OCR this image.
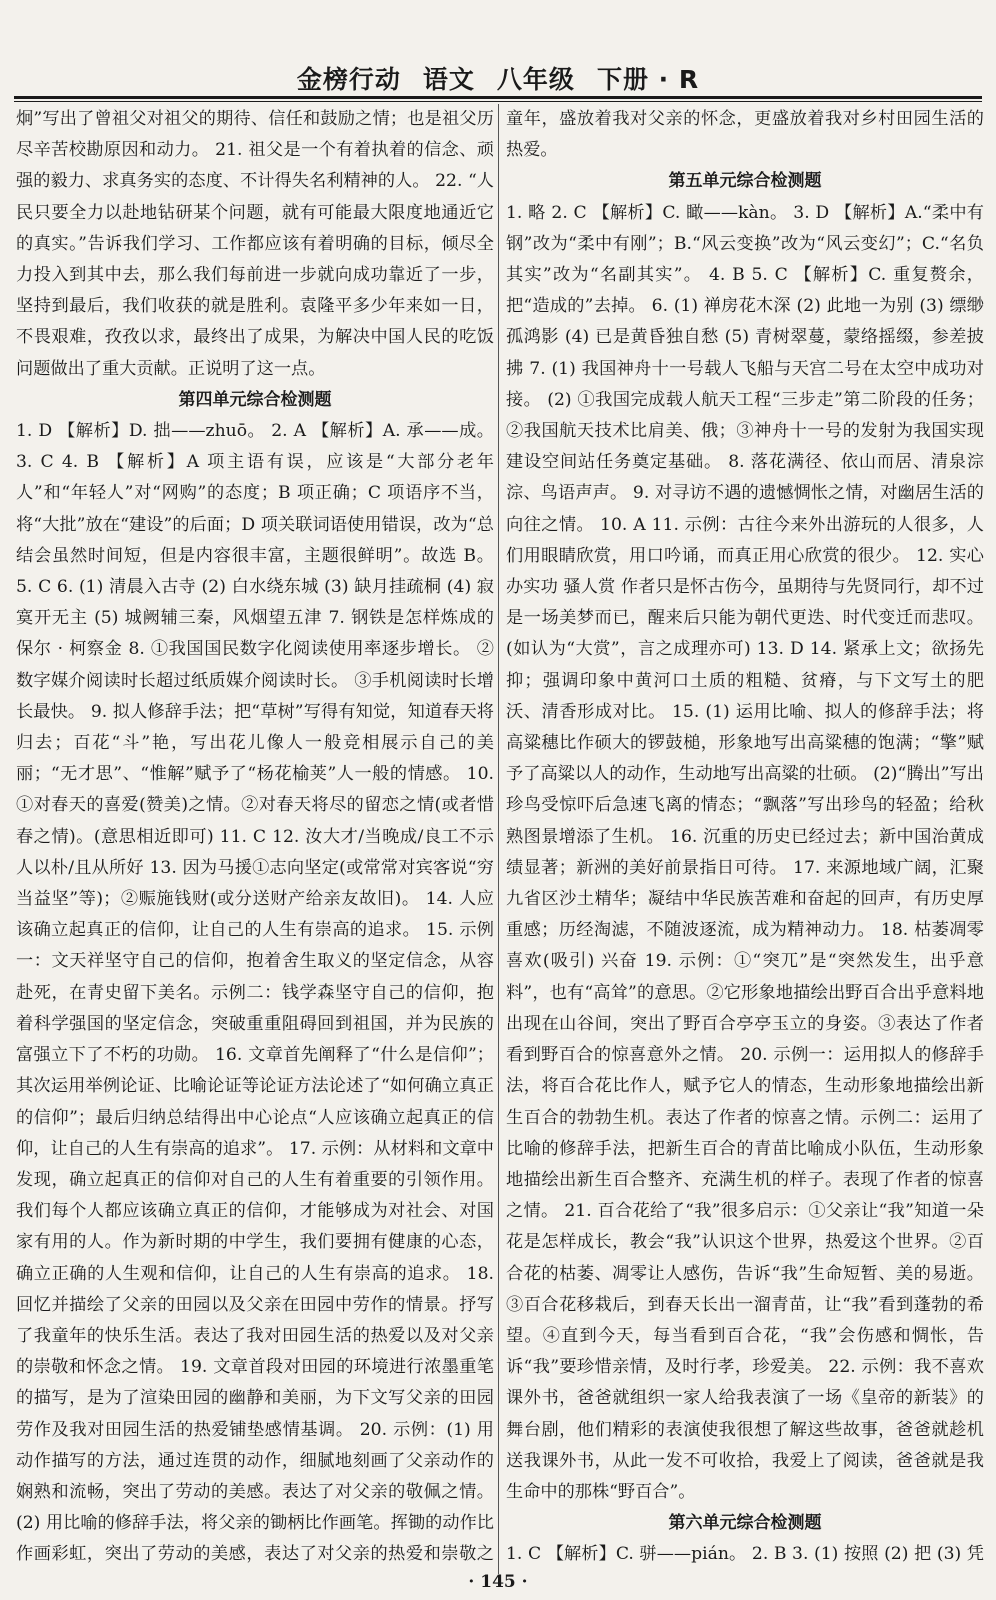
金榜行动 语文 八年级 下册 · R

炯”写出了曾祖父对祖父的期待、信任和鼓励之情；也是祖父历尽辛苦校勘原因和动力。 21. 祖父是一个有着执着的信念、顽强的毅力、求真务实的态度、不计得失名利精神的人。 22. “人民只要全力以赴地钻研某个问题，就有可能最大限度地通近它的真实。”告诉我们学习、工作都应该有着明确的目标，倾尽全力投入到其中去，那么我们每前进一步就向成功靠近了一步，坚持到最后，我们收获的就是胜利。袁隆平多少年来如一日，不畏艰难，孜孜以求，最终出了成果，为解决中国人民的吃饭问题做出了重大贡献。正说明了这一点。

第四单元综合检测题

1. D 【解析】D. 拙——zhuō。 2. A 【解析】A. 承——成。 3. C 4. B 【解析】A 项主语有误，应该是“大部分老年人”和“年轻人”对“网购”的态度；B 项正确；C 项语序不当，将“大批”放在“建设”的后面；D 项关联词语使用错误，改为“总结会虽然时间短，但是内容很丰富，主题很鲜明”。故选 B。 5. C 6. (1) 清晨入古寺 (2) 白水绕东城 (3) 缺月挂疏桐 (4) 寂寞开无主 (5) 城阙辅三秦，风烟望五津 7. 钢铁是怎样炼成的 保尔 · 柯察金 8. ①我国国民数字化阅读使用率逐步增长。 ②数字媒介阅读时长超过纸质媒介阅读时长。 ③手机阅读时长增长最快。 9. 拟人修辞手法；把“草树”写得有知觉，知道春天将归去；百花“斗”艳，写出花儿像人一般竞相展示自己的美丽；“无才思”、“惟解”赋予了“杨花榆荚”人一般的情感。 10. ①对春天的喜爱(赞美)之情。②对春天将尽的留恋之情(或者惜春之情)。(意思相近即可) 11. C 12. 汝大才/当晚成/良工不示人以朴/且从所好 13. 因为马援①志向坚定(或常常对宾客说“穷当益坚”等)；②赈施钱财(或分送财产给亲友故旧)。 14. 人应该确立起真正的信仰，让自己的人生有崇高的追求。 15. 示例一：文天祥坚守自己的信仰，抱着舍生取义的坚定信念，从容赴死，在青史留下美名。示例二：钱学森坚守自己的信仰，抱着科学强国的坚定信念，突破重重阻碍回到祖国，并为民族的富强立下了不朽的功勋。 16. 文章首先阐释了“什么是信仰”；其次运用举例论证、比喻论证等论证方法论述了“如何确立真正的信仰”；最后归纳总结得出中心论点“人应该确立起真正的信仰，让自己的人生有崇高的追求”。 17. 示例：从材料和文章中发现，确立起真正的信仰对自己的人生有着重要的引领作用。我们每个人都应该确立真正的信仰，才能够成为对社会、对国家有用的人。作为新时期的中学生，我们要拥有健康的心态，确立正确的人生观和信仰，让自己的人生有崇高的追求。 18. 回忆并描绘了父亲的田园以及父亲在田园中劳作的情景。抒写了我童年的快乐生活。表达了我对田园生活的热爱以及对父亲的崇敬和怀念之情。 19. 文章首段对田园的环境进行浓墨重笔的描写，是为了渲染田园的幽静和美丽，为下文写父亲的田园劳作及我对田园生活的热爱铺垫感情基调。 20. 示例：(1) 用动作描写的方法，通过连贯的动作，细腻地刻画了父亲动作的娴熟和流畅，突出了劳动的美感。表达了对父亲的敬佩之情。(2) 用比喻的修辞手法，将父亲的锄柄比作画笔。挥锄的动作比作画彩虹，突出了劳动的美感，表达了对父亲的热爱和崇敬之

童年，盛放着我对父亲的怀念，更盛放着我对乡村田园生活的热爱。

第五单元综合检测题

1. 略 2. C 【解析】C. 瞰——kàn。 3. D 【解析】A.“柔中有钢”改为“柔中有刚”；B.“风云变换”改为“风云变幻”；C.“名负其实”改为“名副其实”。 4. B 5. C 【解析】C. 重复赘余，把“造成的”去掉。 6. (1) 禅房花木深 (2) 此地一为别 (3) 缥缈孤鸿影 (4) 已是黄昏独自愁 (5) 青树翠蔓，蒙络摇缀，参差披拂 7. (1) 我国神舟十一号载人飞船与天宫二号在太空中成功对接。 (2) ①我国完成载人航天工程“三步走”第二阶段的任务；②我国航天技术比肩美、俄；③神舟十一号的发射为我国实现建设空间站任务奠定基础。 8. 落花满径、依山而居、清泉淙淙、鸟语声声。 9. 对寻访不遇的遗憾惆怅之情，对幽居生活的向往之情。 10. A 11. 示例：古往今来外出游玩的人很多，人们用眼睛欣赏，用口吟诵，而真正用心欣赏的很少。 12. 实心办实功 骚人赏 作者只是怀古伤今，虽期待与先贤同行，却不过是一场美梦而已，醒来后只能为朝代更迭、时代变迁而悲叹。(如认为“大赏”，言之成理亦可) 13. D 14. 紧承上文；欲扬先抑；强调印象中黄河口土质的粗糙、贫瘠，与下文写土的肥沃、清香形成对比。 15. (1) 运用比喻、拟人的修辞手法；将高粱穗比作硕大的锣鼓槌，形象地写出高粱穗的饱满；“擎”赋予了高粱以人的动作，生动地写出高粱的壮硕。 (2)“腾出”写出珍鸟受惊吓后急速飞离的情态；“飘落”写出珍鸟的轻盈；给秋熟图景增添了生机。 16. 沉重的历史已经过去；新中国治黄成绩显著；新洲的美好前景指日可待。 17. 来源地域广阔，汇聚九省区沙土精华；凝结中华民族苦难和奋起的回声，有历史厚重感；历经淘滤，不随波逐流，成为精神动力。 18. 枯萎凋零 喜欢(吸引) 兴奋 19. 示例：①“突兀”是“突然发生，出乎意料”，也有“高耸”的意思。②它形象地描绘出野百合出乎意料地出现在山谷间，突出了野百合亭亭玉立的身姿。③表达了作者看到野百合的惊喜意外之情。 20. 示例一：运用拟人的修辞手法，将百合花比作人，赋予它人的情态，生动形象地描绘出新生百合的勃勃生机。表达了作者的惊喜之情。示例二：运用了比喻的修辞手法，把新生百合的青苗比喻成小队伍，生动形象地描绘出新生百合整齐、充满生机的样子。表现了作者的惊喜之情。 21. 百合花给了“我”很多启示：①父亲让“我”知道一朵花是怎样成长，教会“我”认识这个世界，热爱这个世界。②百合花的枯萎、凋零让人感伤，告诉“我”生命短暂、美的易逝。③百合花移栽后，到春天长出一溜青苗，让“我”看到蓬勃的希望。④直到今天，每当看到百合花，“我”会伤感和惆怅，告诉“我”要珍惜亲情，及时行孝，珍爱美。 22. 示例：我不喜欢课外书，爸爸就组织一家人给我表演了一场《皇帝的新装》的舞台剧，他们精彩的表演使我很想了解这些故事，爸爸就趁机送我课外书，从此一发不可收拾，我爱上了阅读，爸爸就是我生命中的那株“野百合”。

第六单元综合检测题

1. C 【解析】C. 骈——pián。 2. B 3. (1) 按照 (2) 把 (3) 凭

· 145 ·
